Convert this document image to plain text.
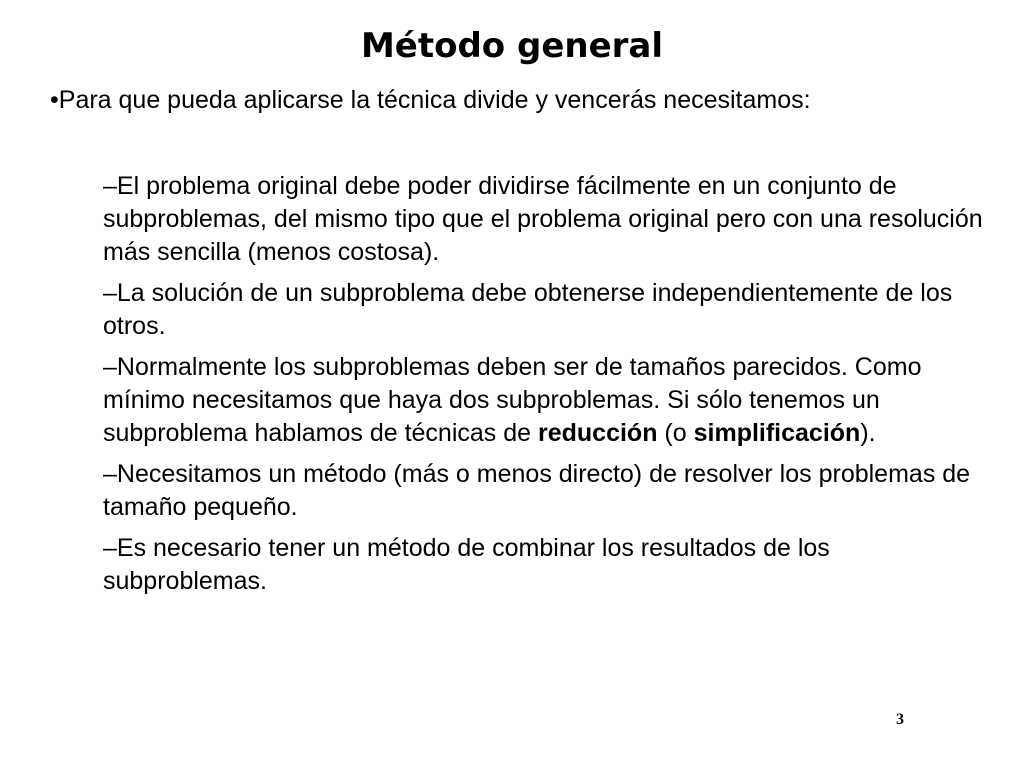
Método general

•Para que pueda aplicarse la técnica divide y vencerás necesitamos:

–El problema original debe poder dividirse fácilmente en un conjunto de subproblemas, del mismo tipo que el problema original pero con una resolución más sencilla (menos costosa).
–La solución de un subproblema debe obtenerse independientemente de los otros.
–Normalmente los subproblemas deben ser de tamaños parecidos. Como mínimo necesitamos que haya dos subproblemas. Si sólo tenemos un subproblema hablamos de técnicas de reducción (o simplificación).
–Necesitamos un método (más o menos directo) de resolver los problemas de tamaño pequeño.
–Es necesario tener un método de combinar los resultados de los subproblemas.
3
